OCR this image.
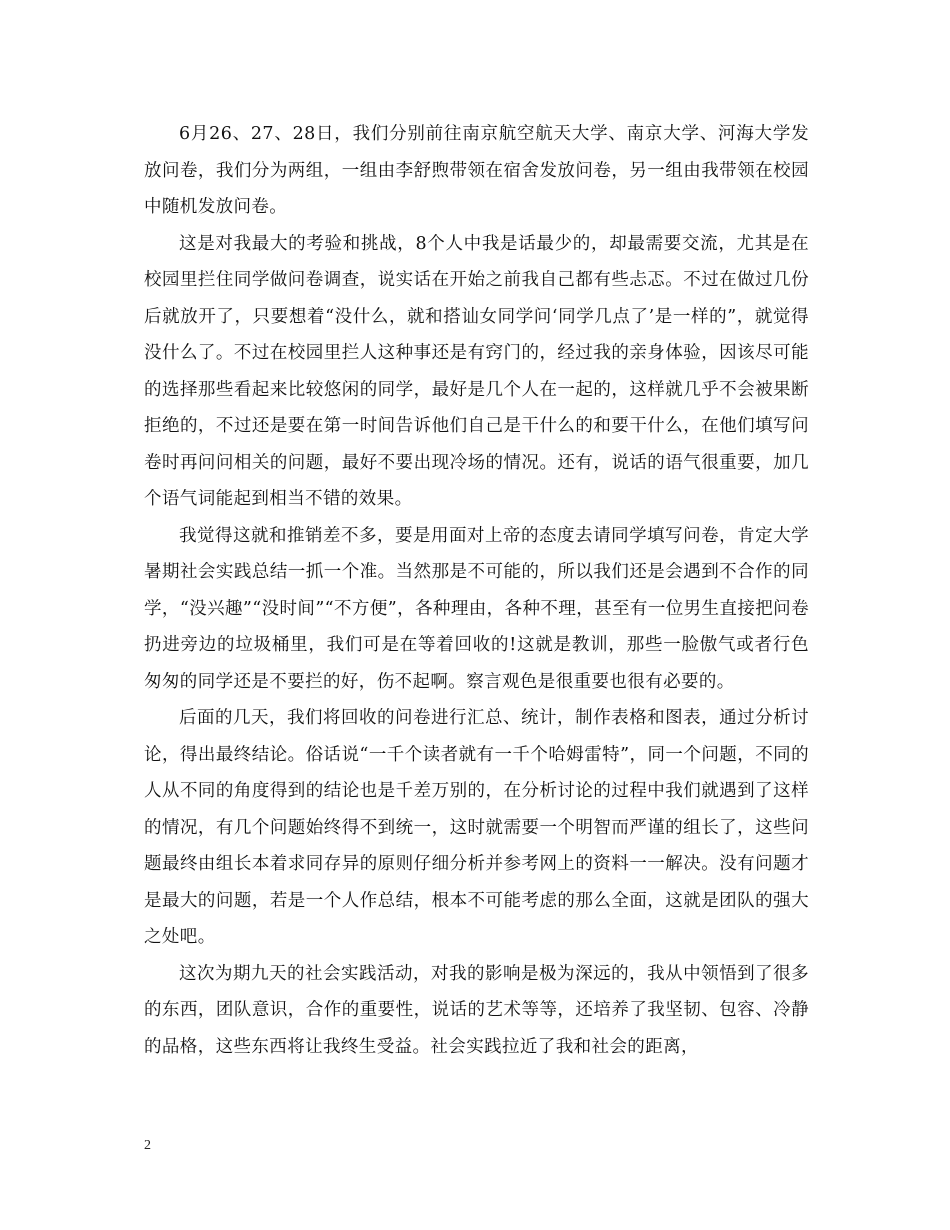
6月26、27、28日，我们分别前往南京航空航天大学、南京大学、河海大学发放问卷，我们分为两组，一组由李舒煦带领在宿舍发放问卷，另一组由我带领在校园中随机发放问卷。

这是对我最大的考验和挑战，8个人中我是话最少的，却最需要交流，尤其是在校园里拦住同学做问卷调查，说实话在开始之前我自己都有些忐忑。不过在做过几份后就放开了，只要想着“没什么，就和搭讪女同学问‘同学几点了’是一样的”，就觉得没什么了。不过在校园里拦人这种事还是有窍门的，经过我的亲身体验，因该尽可能的选择那些看起来比较悠闲的同学，最好是几个人在一起的，这样就几乎不会被果断拒绝的，不过还是要在第一时间告诉他们自己是干什么的和要干什么，在他们填写问卷时再问问相关的问题，最好不要出现冷场的情况。还有，说话的语气很重要，加几个语气词能起到相当不错的效果。

我觉得这就和推销差不多，要是用面对上帝的态度去请同学填写问卷，肯定大学暑期社会实践总结一抓一个准。当然那是不可能的，所以我们还是会遇到不合作的同学，“没兴趣”“没时间”“不方便”，各种理由，各种不理，甚至有一位男生直接把问卷扔进旁边的垃圾桶里，我们可是在等着回收的!这就是教训，那些一脸傲气或者行色匆匆的同学还是不要拦的好，伤不起啊。察言观色是很重要也很有必要的。

后面的几天，我们将回收的问卷进行汇总、统计，制作表格和图表，通过分析讨论，得出最终结论。俗话说“一千个读者就有一千个哈姆雷特”，同一个问题，不同的人从不同的角度得到的结论也是千差万别的，在分析讨论的过程中我们就遇到了这样的情况，有几个问题始终得不到统一，这时就需要一个明智而严谨的组长了，这些问题最终由组长本着求同存异的原则仔细分析并参考网上的资料一一解决。没有问题才是最大的问题，若是一个人作总结，根本不可能考虑的那么全面，这就是团队的强大之处吧。

这次为期九天的社会实践活动，对我的影响是极为深远的，我从中领悟到了很多的东西，团队意识，合作的重要性，说话的艺术等等，还培养了我坚韧、包容、冷静的品格，这些东西将让我终生受益。社会实践拉近了我和社会的距离，

2
